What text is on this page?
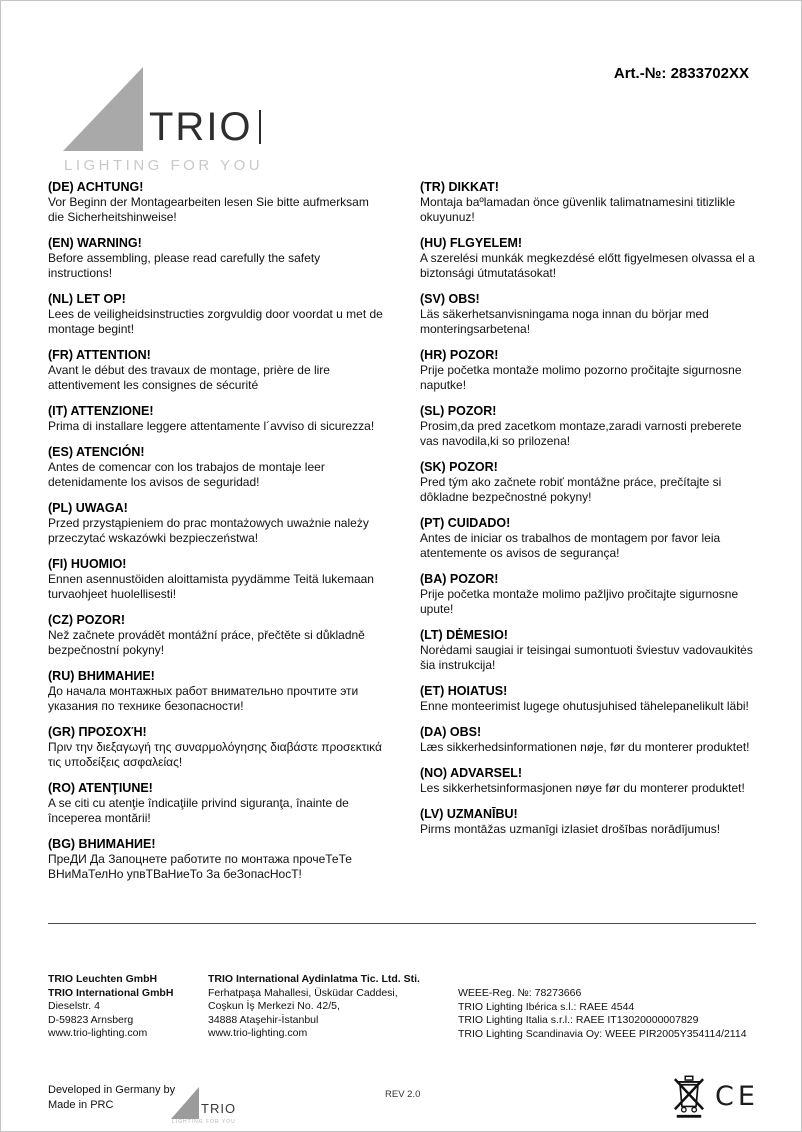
Art.-№: 2833702XX
TRIO
LIGHTING FOR YOU
(DE) ACHTUNG!

Vor Beginn der Montagearbeiten lesen Sie bitte aufmerksam die Sicherheitshinweise!

(EN) WARNING!

Before assembling, please read carefully the safety instructions!

(NL) LET OP!

Lees de veiligheidsinstructies zorgvuldig door voordat u met de montage begint!

(FR) ATTENTION!

Avant le début des travaux de montage, prière de lire attentivement les consignes de sécurité

(IT) ATTENZIONE!

Prima di installare leggere attentamente l´avviso di sicurezza!

(ES) ATENCIÓN!

Antes de comencar con los trabajos de montaje leer detenidamente los avisos de seguridad!

(PL) UWAGA!

Przed przystąpieniem do prac montażowych uważnie należy przeczytać wskazówki bezpieczeństwa!

(FI) HUOMIO!

Ennen asennustöiden aloittamista pyydämme Teitä lukemaan turvaohjeet huolellisesti!

(CZ) POZOR!

Než začnete provádět montážní práce, přečtěte si důkladně bezpečnostní pokyny!

(RU) ВНИМАНИЕ!

До начала монтажных работ внимательно прочтите эти указания по технике безопасности!

(GR) ΠΡΟΣΟΧΉ!

Πριν την διεξαγωγή της συναρμολόγησης διαβάστε προσεκτικά τις υποδείξεις ασφαλείας!

(RO) ATENŢIUNE!

A se citi cu atenţie îndicaţiile privind siguranţa, înainte de începerea montării!

(BG) ВНИМАНИЕ!

ПреДИ Да Запоцнете работите по монтажа прочеТеТе ВНиМаТелНо упвТВаНиеТо За беЗопасНосТ!

(TR) DIKKAT!

Montaja baºlamadan önce güvenlik talimatnamesini titizlikle okuyunuz!

(HU) FLGYELEM!

A szerelési munkák megkezdésé előtt figyelmesen olvassa el a biztonsági útmutatásokat!

(SV) OBS!

Läs säkerhetsanvisningama noga innan du börjar med monteringsarbetena!

(HR) POZOR!

Prije početka montaže molimo pozorno pročitajte sigurnosne naputke!

(SL) POZOR!

Prosim,da pred zacetkom montaze,zaradi varnosti preberete vas navodila,ki so prilozena!

(SK) POZOR!

Pred tým ako začnete robiť montážne práce, prečítajte si dôkladne bezpečnostné pokyny!

(PT) CUIDADO!

Antes de iniciar os trabalhos de montagem por favor leia atentemente os avisos de segurança!

(BA) POZOR!

Prije početka montaže molimo pažljivo pročitajte sigurnosne upute!

(LT) DĖMESIO!

Norėdami saugiai ir teisingai sumontuoti šviestuv vadovaukitės šia instrukcija!

(ET) HOIATUS!

Enne monteerimist lugege ohutusjuhised tähelepanelikult läbi!

(DA) OBS!

Læs sikkerhedsinformationen nøje, før du monterer produktet!

(NO) ADVARSEL!

Les sikkerhetsinformasjonen nøye før du monterer produktet!

(LV) UZMANĪBU!

Pirms montāžas uzmanīgi izlasiet drošības norādījumus!

TRIO Leuchten GmbH
TRIO International GmbH
Dieselstr. 4
D-59823 Arnsberg
www.trio-lighting.com
TRIO International Aydinlatma Tic. Ltd. Sti.
Ferhatpaşa Mahallesi, Üsküdar Caddesi,
Coşkun İş Merkezi No. 42/5,
34888 Ataşehir-İstanbul
www.trio-lighting.com
WEEE-Reg. №: 78273666
TRIO Lighting Ibérica s.l.: RAEE 4544
TRIO Lighting Italia s.r.l.: RAEE IT13020000007829
TRIO Lighting Scandinavia Oy: WEEE PIR2005Y354114/2114
Developed in Germany by
Made in PRC	TRIO
LIGHTING FOR YOU
REV 2.0	CE
